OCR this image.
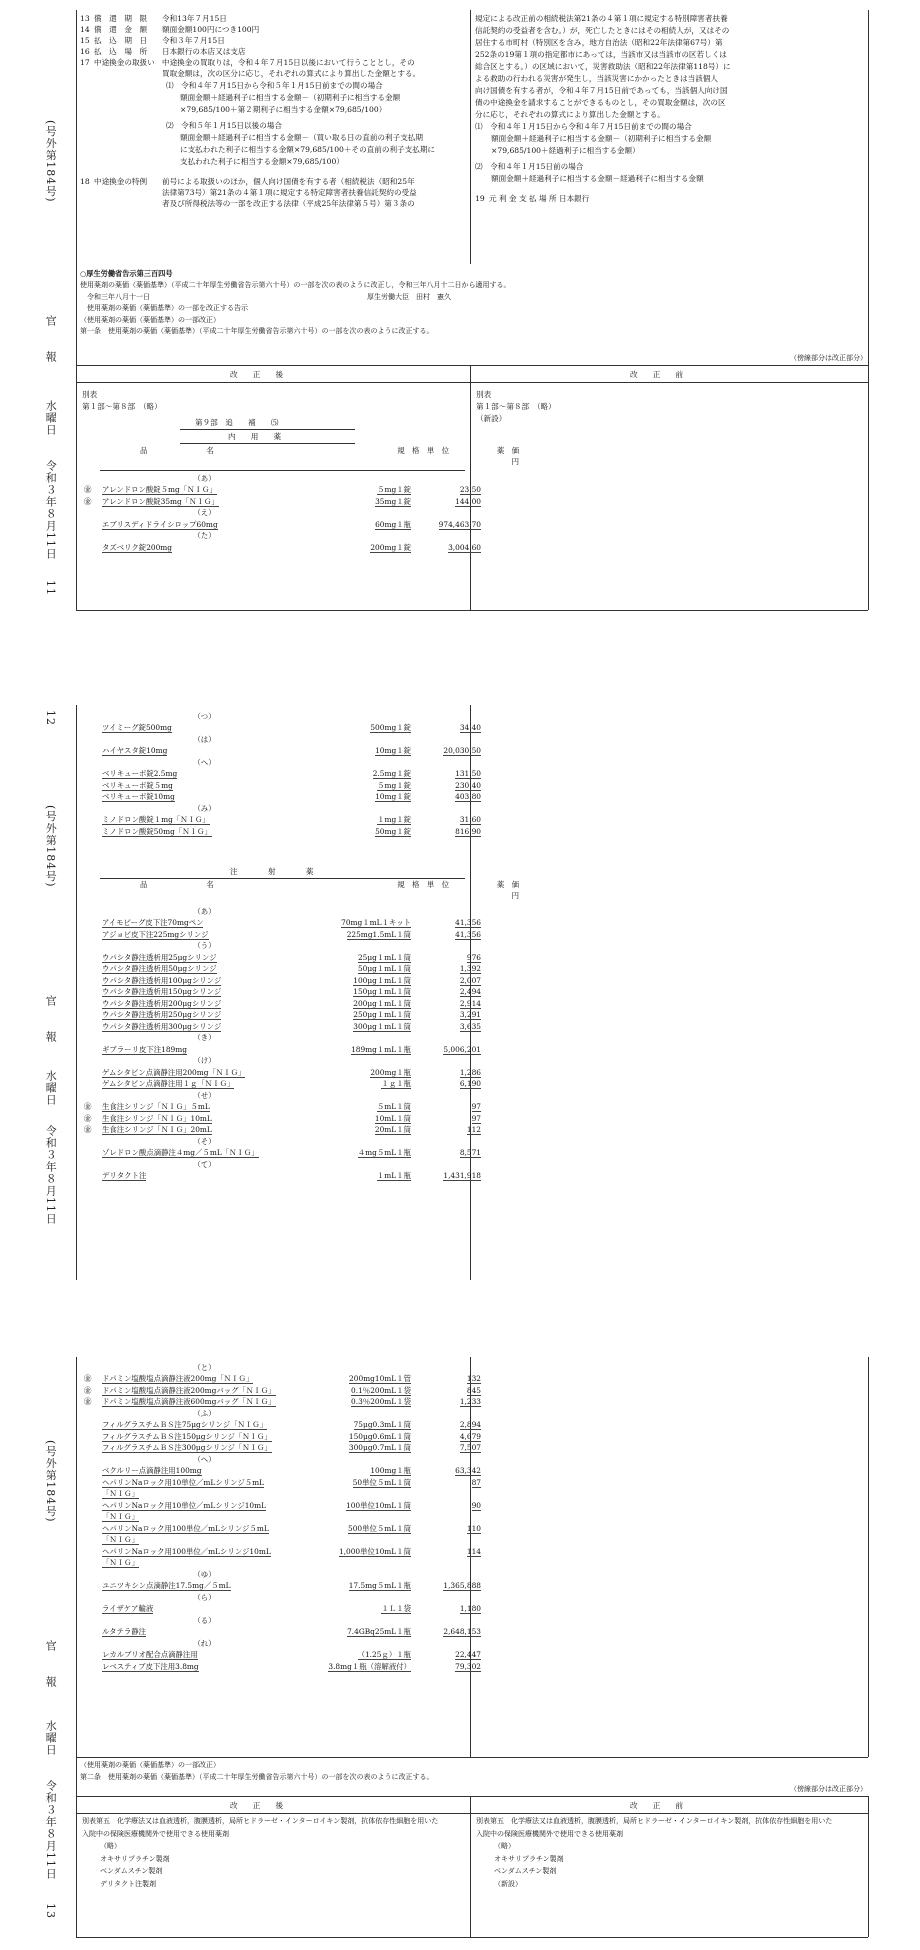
(号外第184号)
官　　報
水曜日
令和３年８月11日
11
13 償　還　期　限	令和13年７月15日
14 償　還　金　額	額面金額100円につき100円
15 払　込　期　日	令和３年７月15日
16 払　込　場　所	日本銀行の本店又は支店
17 中途換金の取扱い 中途換金の買取りは，令和４年７月15日以後において行うこととし，その
買取金額は，次の区分に応じ，それぞれの算式により算出した金額とする。
⑴　令和４年７月15日から令和５年１月15日前までの間の場合
額面金額＋経過利子に相当する金額－（初期利子に相当する金額
×79,685/100＋第２期利子に相当する金額×79,685/100）
⑵　令和５年１月15日以後の場合
額面金額＋経過利子に相当する金額－（買い取る日の直前の利子支払期
に支払われた利子に相当する金額×79,685/100＋その直前の利子支払期に
支払われた利子に相当する金額×79,685/100）
18 中途換金の特例	前号による取扱いのほか，個人向け国債を有する者（相続税法（昭和25年
法律第73号）第21条の４第１項に規定する特定障害者扶養信託契約の受益
者及び所得税法等の一部を改正する法律（平成25年法律第５号）第３条の
規定による改正前の相続税法第21条の４第１項に規定する特別障害者扶養
信託契約の受益者を含む。）が，死亡したときにはその相続人が，又はその
居住する市町村（特別区を含み，地方自治法（昭和22年法律第67号）第
252条の19第１項の指定都市にあっては，当該市又は当該市の区若しくは
総合区とする。）の区域において，災害救助法（昭和22年法律第118号）に
よる救助の行われる災害が発生し，当該災害にかかったときは当該個人
向け国債を有する者が，令和４年７月15日前であっても，当該個人向け国
債の中途換金を請求することができるものとし，その買取金額は，次の区
分に応じ，それぞれの算式により算出した金額とする。
⑴　令和４年１月15日から令和４年７月15日前までの間の場合
額面金額＋経過利子に相当する金額－（初期利子に相当する金額
×79,685/100＋経過利子に相当する金額）
⑵　令和４年１月15日前の場合
額面金額＋経過利子に相当する金額－経過利子に相当する金額
19 元 利 金 支 払 場 所 日本銀行
○厚生労働省告示第三百四号
使用薬剤の薬価（薬価基準）（平成二十年厚生労働省告示第六十号）の一部を次の表のように改正し，令和三年八月十二日から適用する。
　令和三年八月十一日　　　　　　　　　　　　　　　　　　　　　　　　　　　　　　　厚生労働大臣　田村　憲久
　使用薬剤の薬価（薬価基準）の一部を改正する告示
（使用薬剤の薬価（薬価基準）の一部改正）
第一条　使用薬剤の薬価（薬価基準）（平成二十年厚生労働省告示第六十号）の一部を次の表のように改正する。
（傍線部分は改正部分）
改　　正　　後	改　　正　　前
別表
第１部～第８部　（略）
別表
第１部～第８部　（略）
（新設）
第９部　追　　補　　⑸
内　　用　　薬
	品　　　　　　　　名	規　格　単　位	薬　価
			円
	（あ）		
㊎	アレンドロン酸錠５mg「ＮＩＧ」	５mg１錠	23.50
㊎	アレンドロン酸錠35mg「ＮＩＧ」	35mg１錠	144.00
	（え）		
	エブリスディドライシロップ60mg	60mg１瓶	974,463.70
	（た）		
	タズベリク錠200mg	200mg１錠	3,004.60
12
(号外第184号)
官　　報
水曜日
令和３年８月11日
	（つ）		
	ツイミーグ錠500mg	500mg１錠	34.40
	（は）		
	ハイヤスタ錠10mg	10mg１錠	20,030.50
	（へ）		
	ベリキューボ錠2.5mg	2.5mg１錠	131.50
	ベリキューボ錠５mg	５mg１錠	230.40
	ベリキューボ錠10mg	10mg１錠	403.80
	（み）		
	ミノドロン酸錠１mg「ＮＩＧ」	１mg１錠	31.60
	ミノドロン酸錠50mg「ＮＩＧ」	50mg１錠	816.90
注　　　　射　　　　薬
	品　　　　　　　　名	規　格　単　位	薬　価
			円
	（あ）		
	アイモビーグ皮下注70mgペン	70mg１mL１キット	41,356
	アジョビ皮下注225mgシリンジ	225mg1.5mL１筒	41,356
	（う）		
	ウパシタ静注透析用25μgシリンジ	25μg１mL１筒	976
	ウパシタ静注透析用50μgシリンジ	50μg１mL１筒	1,392
	ウパシタ静注透析用100μgシリンジ	100μg１mL１筒	2,007
	ウパシタ静注透析用150μgシリンジ	150μg１mL１筒	2,494
	ウパシタ静注透析用200μgシリンジ	200μg１mL１筒	2,914
	ウパシタ静注透析用250μgシリンジ	250μg１mL１筒	3,291
	ウパシタ静注透析用300μgシリンジ	300μg１mL１筒	3,635
	（き）		
	ギブラーリ皮下注189mg	189mg１mL１瓶	5,006,201
	（け）		
	ゲムシタビン点滴静注用200mg「ＮＩＧ」	200mg１瓶	1,286
	ゲムシタビン点滴静注用１ｇ「ＮＩＧ」	１ｇ１瓶	6,190
	（せ）		
㊎	生食注シリンジ「ＮＩＧ」５mL	５mL１筒	97
㊎	生食注シリンジ「ＮＩＧ」10mL	10mL１筒	97
㊎	生食注シリンジ「ＮＩＧ」20mL	20mL１筒	112
	（そ）		
	ゾレドロン酸点滴静注４mg／５mL「ＮＩＧ」	４mg５mL１瓶	8,571
	（て）		
	デリタクト注	１mL１瓶	1,431,918
(号外第184号)
官　　報
水曜日
令和３年８月11日
13
	（と）		
㊎	ドパミン塩酸塩点滴静注液200mg「ＮＩＧ」	200mg10mL１管	132
㊎	ドパミン塩酸塩点滴静注液200mgバッグ「ＮＩＧ」	0.1％200mL１袋	845
㊎	ドパミン塩酸塩点滴静注液600mgバッグ「ＮＩＧ」	0.3％200mL１袋	1,233
	（ふ）		
	フィルグラスチムＢＳ注75μgシリンジ「ＮＩＧ」	75μg0.3mL１筒	2,894
	フィルグラスチムＢＳ注150μgシリンジ「ＮＩＧ」	150μg0.6mL１筒	4,679
	フィルグラスチムＢＳ注300μgシリンジ「ＮＩＧ」	300μg0.7mL１筒	7,507
	（へ）		
	ベクルリー点滴静注用100mg	100mg１瓶	63,342
	ヘパリンNaロック用10単位／mLシリンジ５mL	50単位５mL１筒	87
	「ＮＩＧ」		
	ヘパリンNaロック用10単位／mLシリンジ10mL	100単位10mL１筒	90
	「ＮＩＧ」		
	ヘパリンNaロック用100単位／mLシリンジ５mL	500単位５mL１筒	110
	「ＮＩＧ」		
	ヘパリンNaロック用100単位／mLシリンジ10mL	1,000単位10mL１筒	114
	「ＮＩＧ」		
	（ゆ）		
	ユニツキシン点滴静注17.5mg／５mL	17.5mg５mL１瓶	1,365,888
	（ら）		
	ライザケア輸液	１Ｌ１袋	1,180
	（る）		
	ルタテラ静注	7.4GBq25mL１瓶	2,648,153
	（れ）		
	レカルブリオ配合点滴静注用	（1.25ｇ）１瓶	22,447
	レベスティブ皮下注用3.8mg	3.8mg１瓶（溶解液付）	79,302
（使用薬剤の薬価（薬価基準）の一部改正）
第二条　使用薬剤の薬価（薬価基準）（平成二十年厚生労働省告示第六十号）の一部を次の表のように改正する。
（傍線部分は改正部分）
改　　正　　後	改　　正　　前
別表第五　化学療法又は血液透析，腹膜透析，局所ヒドラーゼ・インターロイキン製剤，抗体依存性細胞を用いた
入院中の保険医療機関外で使用できる使用薬剤
（略）
オキサリプラチン製剤
ベンダムスチン製剤
デリタクト注製剤
別表第五　化学療法又は血液透析，腹膜透析，局所ヒドラーゼ・インターロイキン製剤，抗体依存性細胞を用いた
入院中の保険医療機関外で使用できる使用薬剤
（略）
オキサリプラチン製剤
ベンダムスチン製剤
（新設）
